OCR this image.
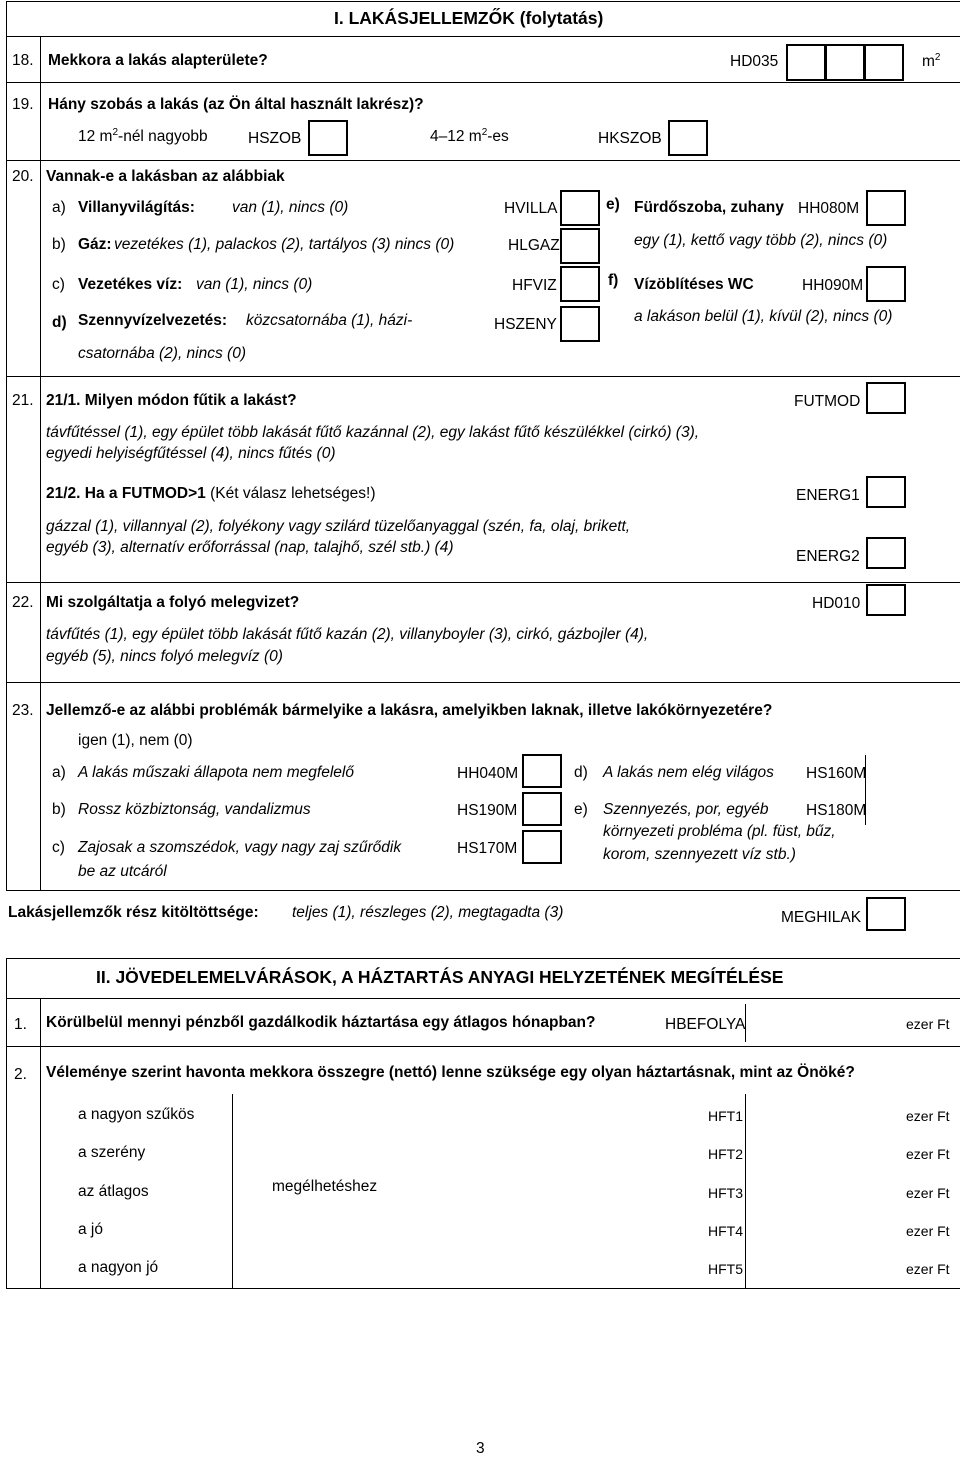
I. LAKÁSJELLEMZŐK (folytatás)
18. Mekkora a lakás alapterülete?	HD035	$m^2$
19. Hány szobás a lakás (az Ön által használt lakrész)?
12 $m^2$-nél nagyobb	HSZOB	4–12 $m^2-es$	HKSZOB
20. Vannak-e a lakásban az alábbiak
a) Villanyvilágítás: van (1), nincs (0)	HVILLA
b) Gáz: vezetékes (1), palackos (2), tartályos (3) nincs (0)	HLGAZ
c) Vezetékes víz: van (1), nincs (0)	HFVIZ
d) Szennyvízelvezetés: közcsatornába (1), házi-
csatornába (2), nincs (0)
HSZENY
e) Fürdőszoba, zuhany HH080M
egy (1), kettő vagy több (2), nincs (0)
f) Vízöblítéses WC	HH090M
a lakáson belül (1), kívül (2), nincs (0)
21. 21/1. Milyen módon fűtik a lakást?	FUTMOD
távfűtéssel (1), egy épület több lakását fűtő kazánnal (2), egy lakást fűtő készülékkel (cirkó) (3),
egyedi helyiségfűtéssel (4), nincs fűtés (0)
21/2. Ha a FUTMOD>1 (Két válasz lehetséges!)	ENERG1
gázzal (1), villannyal (2), folyékony vagy szilárd tüzelőanyaggal (szén, fa, olaj, brikett,
egyéb (3), alternatív erőforrással (nap, talajhő, szél stb.) (4)
ENERG2
22. Mi szolgáltatja a folyó melegvizet?	HD010
távfűtés (1), egy épület több lakását fűtő kazán (2), villanyboyler (3), cirkó, gázbojler (4),
egyéb (5), nincs folyó melegvíz (0)
23. Jellemző-e az alábbi problémák bármelyike a lakásra, amelyikben laknak, illetve lakókörnyezetére?
igen (1), nem (0)
a) A lakás műszaki állapota nem megfelelő	HH040M
b) Rossz közbiztonság, vandalizmus	HS190M
c) Zajosak a szomszédok, vagy nagy zaj szűrődik
be az utcáról
HS170M
d) A lakás nem elég világos HS160M
e) Szennyezés, por, egyéb HS180M
környezeti probléma (pl. füst, bűz,
korom, szennyezett víz stb.)
Lakásjellemzők rész kitöltöttsége: teljes (1), részleges (2), megtagadta (3)	MEGHILAK
II. JÖVEDELEMELVÁRÁSOK, A HÁZTARTÁS ANYAGI HELYZETÉNEK MEGÍTÉLÉSE
1. Körülbelül mennyi pénzből gazdálkodik háztartása egy átlagos hónapban?	HBEFOLYA	ezer Ft
2. Véleménye szerint havonta mekkora összegre (nettó) lenne szüksége egy olyan háztartásnak, mint az Önöké?
megélhetéshez
a nagyon szűkös	HFT1	ezer Ft
a szerény	HFT2	ezer Ft
az átlagos	HFT3	ezer Ft
a jó	HFT4	ezer Ft
a nagyon jó	HFT5	ezer Ft
3
